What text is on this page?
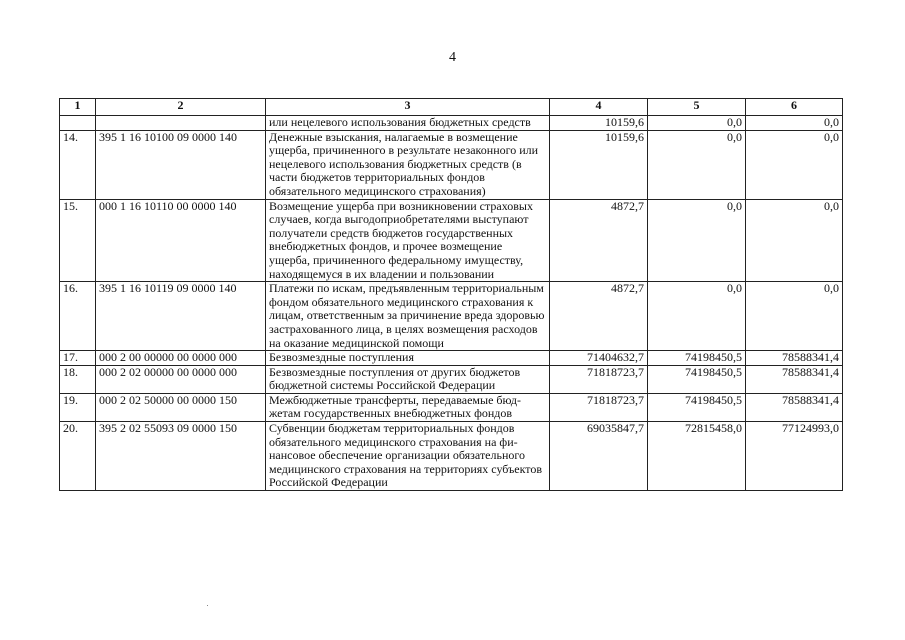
4
1	2	3	4	5	6
		или нецелевого использования бюджетных средств	10159,6	0,0	0,0
14.	395 1 16 10100 09 0000 140	Денежные взыскания, налагаемые в возмещение ущерба, причиненного в результате незаконного или нецелевого использования бюджетных средств (в части бюджетов территориальных фондов обязательного медицинского страхования)	10159,6	0,0	0,0
15.	000 1 16 10110 00 0000 140	Возмещение ущерба при возникновении страховых случаев, когда выгодоприобретателями выступают получатели средств бюджетов государственных внебюджетных фондов, и прочее возмещение ущерба, причиненного федеральному имуществу, находящемуся в их владении и пользовании	4872,7	0,0	0,0
16.	395 1 16 10119 09 0000 140	Платежи по искам, предъявленным территориальным фондом обязательного медицинского страхования к лицам, ответственным за причинение вреда здоровью застрахованного лица, в целях возмещения расходов на оказание медицинской помощи	4872,7	0,0	0,0
17.	000 2 00 00000 00 0000 000	Безвозмездные поступления	71404632,7	74198450,5	78588341,4
18.	000 2 02 00000 00 0000 000	Безвозмездные поступления от других бюджетов бюджетной системы Российской Федерации	71818723,7	74198450,5	78588341,4
19.	000 2 02 50000 00 0000 150	Межбюджетные трансферты, передаваемые бюджетам государственных внебюджетных фондов	71818723,7	74198450,5	78588341,4
20.	395 2 02 55093 09 0000 150	Субвенции бюджетам территориальных фондов обязательного медицинского страхования на финансовое обеспечение организации обязательного медицинского страхования на территориях субъектов Российской Федерации	69035847,7	72815458,0	77124993,0
